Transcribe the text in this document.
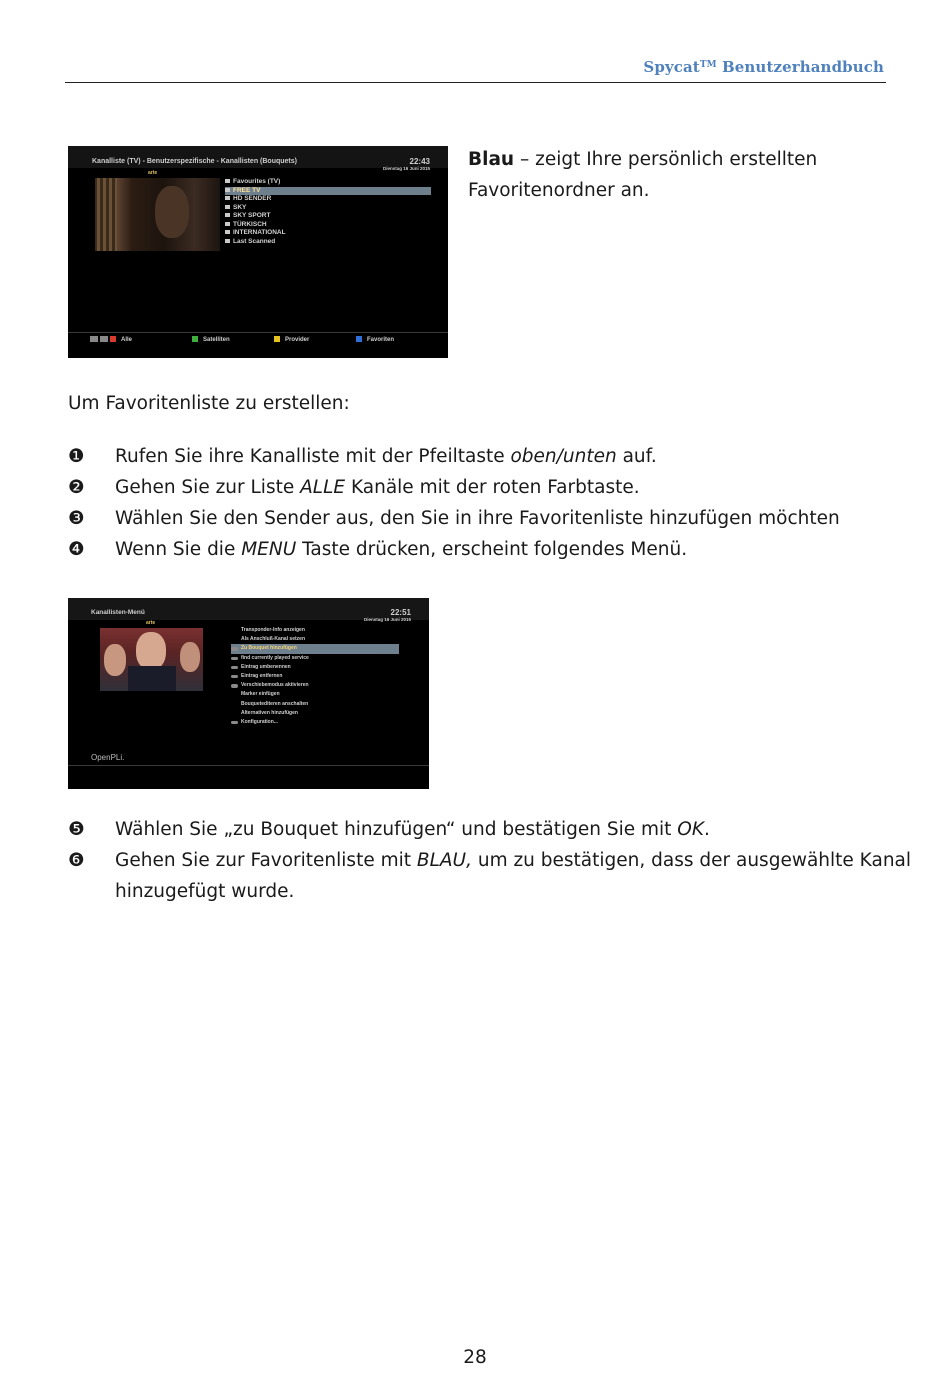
Spycat™ Benutzerhandbuch
Kanalliste (TV) - Benutzerspezifische - Kanallisten (Bouquets)	22:43
Dienstag 16 Juni 2015
arte
Favourites (TV)
FREE TV
HD SENDER
SKY
SKY SPORT
TÜRKISCH
INTERNATIONAL
Last Scanned
Alle	Satelliten	Provider	Favoriten
Blau – zeigt Ihre persönlich erstellten
Favoritenordner an.
Um Favoritenliste zu erstellen:
❶ Rufen Sie ihre Kanalliste mit der Pfeiltaste oben/unten auf.
❷ Gehen Sie zur Liste ALLE Kanäle mit der roten Farbtaste.
❸ Wählen Sie den Sender aus, den Sie in ihre Favoritenliste hinzufügen möchten
❹ Wenn Sie die MENU Taste drücken, erscheint folgendes Menü.
Kanallisten-Menü	22:51
Dienstag 16 Juni 2015
arte
Transponder-Info anzeigen
Als Anschluß-Kanal setzen
Zu Bouquet hinzufügen
find currently played service
Eintrag umbenennen
Eintrag entfernen
Verschiebemodus aktivieren
Marker einfügen
Bouquetediteren anschalten
Alternativen hinzufügen
Konfiguration...
OpenPLi.
❺ Wählen Sie „zu Bouquet hinzufügen“ und bestätigen Sie mit OK.
❻ Gehen Sie zur Favoritenliste mit BLAU, um zu bestätigen, dass der ausgewählte Kanal
hinzugefügt wurde.
28
